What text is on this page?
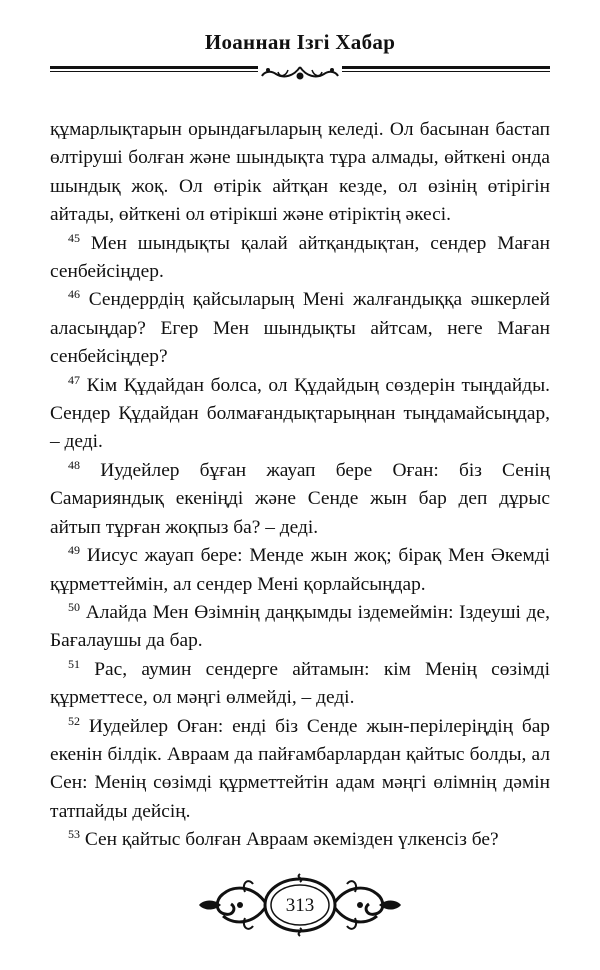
Иоаннан Ізгі Хабар

құмарлықтарын орындағыларың келеді. Ол басынан бастап өлтіруші болған және шындықта тұра алмады, өйткені онда шындық жоқ. Ол өтірік айтқан кезде, ол өзінің өтірігін айтады, өйткені ол өтірікші және өтіріктің әкесі.

$^{45}$ Мен шындықты қалай айтқандықтан, сендер Маған сенбейсіңдер.

$^{46}$ Сендеррдің қайсыларың Мені жалғандыққа әшкерлей аласыңдар? Егер Мен шындықты айтсам, неге Маған сенбейсіңдер?

$^{47}$ Кім Құдайдан болса, ол Құдайдың сөздерін тыңдайды. Сендер Құдайдан болмағандықтарыңнан тыңдамайсыңдар, – деді.

$^{48}$ Иудейлер бұған жауап бере Оған: біз Сенің Самарияндық екеніңді және Сенде жын бар деп дұрыс айтып тұрған жоқпыз ба? – деді.

$^{49}$ Иисус жауап бере: Менде жын жоқ; бірақ Мен Әкемді құрметтеймін, ал сендер Мені қорлайсыңдар.

$^{50}$ Алайда Мен Өзімнің даңқымды іздемеймін: Іздеуші де, Бағалаушы да бар.

$^{51}$ Рас, аумин сендерге айтамын: кім Менің сөзімді құрметтесе, ол мәңгі өлмейді, – деді.

$^{52}$ Иудейлер Оған: енді біз Сенде жын-перілеріңдің бар екенін білдік. Авраам да пайғамбарлардан қайтыс болды, ал Сен: Менің сөзімді құрметтейтін адам мәңгі өлімнің дәмін татпайды дейсің.

$^{53}$ Сен қайтыс болған Авраам әкемізден үлкенсіз бе?

313
